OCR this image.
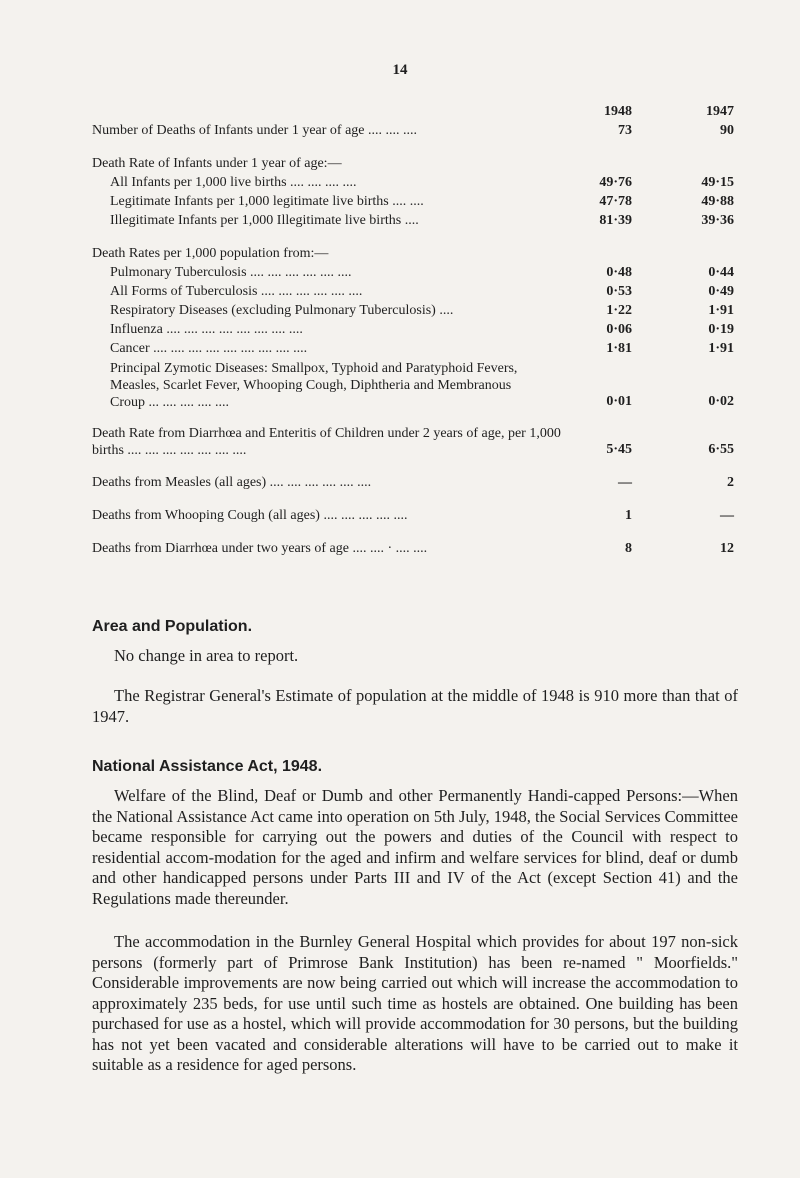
14
1948	1947
Number of Deaths of Infants under 1 year of age .... .... ....	73	90
Death Rate of Infants under 1 year of age:—
All Infants per 1,000 live births .... .... .... ....	49·76	49·15
Legitimate Infants per 1,000 legitimate live births .... ....	47·78	49·88
Illegitimate Infants per 1,000 Illegitimate live births ....	81·39	39·36
Death Rates per 1,000 population from:—
Pulmonary Tuberculosis .... .... .... .... .... ....	0·48	0·44
All Forms of Tuberculosis .... .... .... .... .... ....	0·53	0·49
Respiratory Diseases (excluding Pulmonary Tuberculosis) ....	1·22	1·91
Influenza .... .... .... .... .... .... .... ....	0·06	0·19
Cancer .... .... .... .... .... .... .... .... ....	1·81	1·91
Principal Zymotic Diseases: Smallpox, Typhoid and Paratyphoid Fevers, Measles, Scarlet Fever, Whooping Cough, Diphtheria and Membranous Croup ... .... .... .... ....	0·01	0·02
Death Rate from Diarrhœa and Enteritis of Children under 2 years of age, per 1,000 births .... .... .... .... .... .... ....	5·45	6·55
Deaths from Measles (all ages) .... .... .... .... .... ....	—	2
Deaths from Whooping Cough (all ages) .... .... .... .... ....	1	—
Deaths from Diarrhœa under two years of age .... .... · .... ....	8	12
Area and Population.
No change in area to report.
The Registrar General's Estimate of population at the middle of 1948 is 910 more than that of 1947.
National Assistance Act, 1948.
Welfare of the Blind, Deaf or Dumb and other Permanently Handi-capped Persons:—When the National Assistance Act came into operation on 5th July, 1948, the Social Services Committee became responsible for carrying out the powers and duties of the Council with respect to residential accom-modation for the aged and infirm and welfare services for blind, deaf or dumb and other handicapped persons under Parts III and IV of the Act (except Section 41) and the Regulations made thereunder.
The accommodation in the Burnley General Hospital which provides for about 197 non-sick persons (formerly part of Primrose Bank Institution) has been re-named " Moorfields." Considerable improvements are now being carried out which will increase the accommodation to approximately 235 beds, for use until such time as hostels are obtained. One building has been purchased for use as a hostel, which will provide accommodation for 30 persons, but the building has not yet been vacated and considerable alterations will have to be carried out to make it suitable as a residence for aged persons.
